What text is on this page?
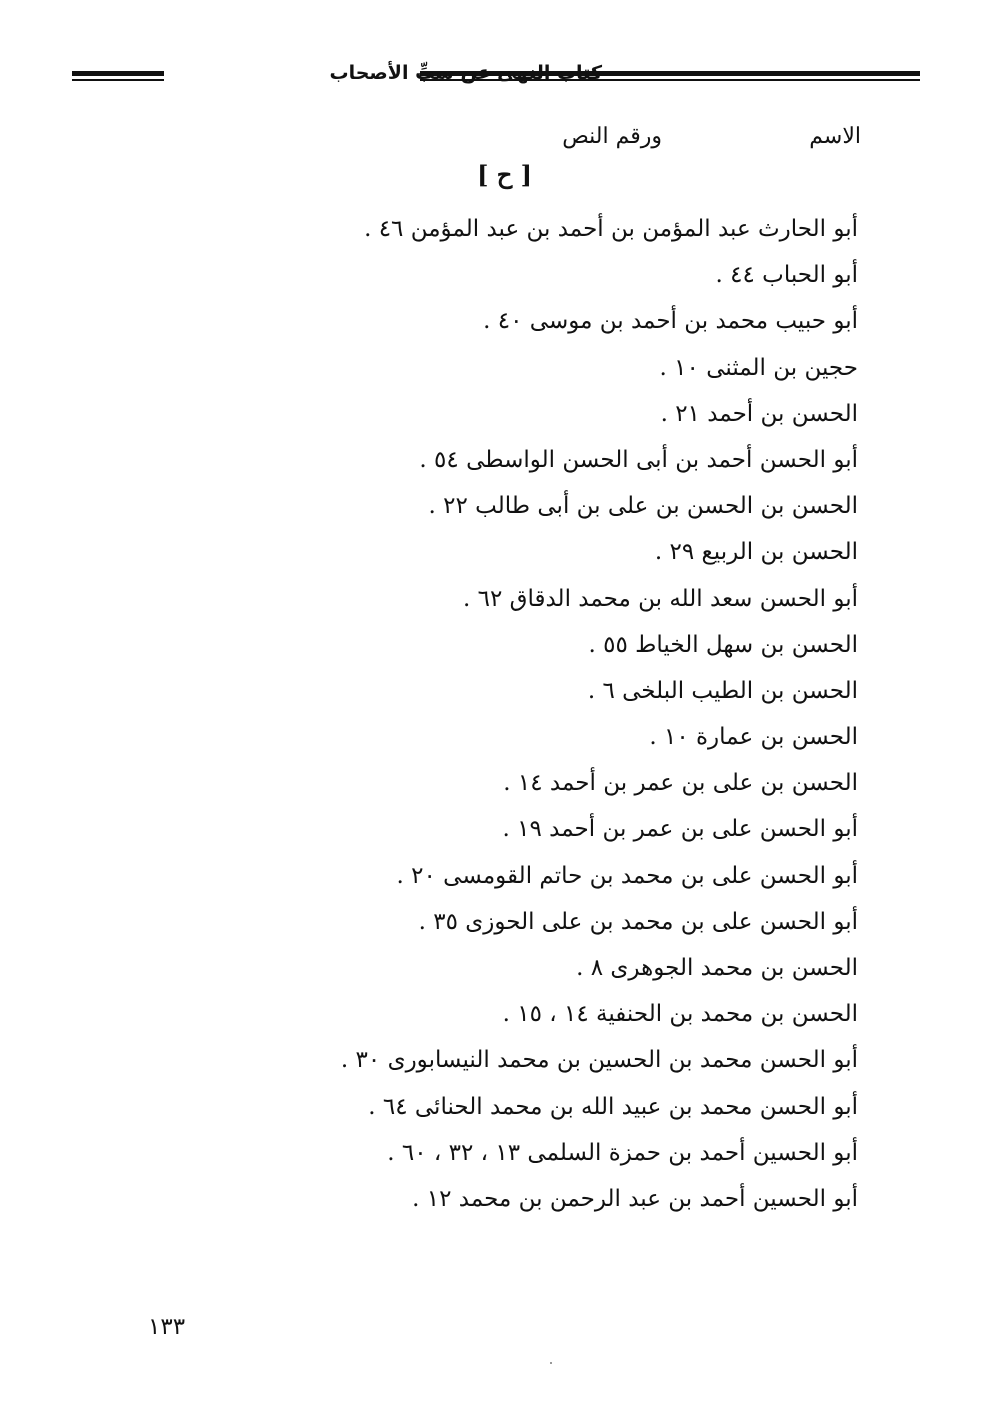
كتاب النهى عن سبِّ الأصحاب
الاسم
ورقم النص
[ ح ]
أبو الحارث عبد المؤمن بن أحمد بن عبد المؤمن ٤٦ .
أبو الحباب ٤٤ .
أبو حبيب محمد بن أحمد بن موسى ٤٠ .
حجين بن المثنى ١٠ .
الحسن بن أحمد ٢١ .
أبو الحسن أحمد بن أبى الحسن الواسطى ٥٤ .
الحسن بن الحسن بن على بن أبى طالب ٢٢ .
الحسن بن الربيع ٢٩ .
أبو الحسن سعد الله بن محمد الدقاق ٦٢ .
الحسن بن سهل الخياط ٥٥ .
الحسن بن الطيب البلخى ٦ .
الحسن بن عمارة ١٠ .
الحسن بن على بن عمر بن أحمد ١٤ .
أبو الحسن على بن عمر بن أحمد ١٩ .
أبو الحسن على بن محمد بن حاتم القومسى ٢٠ .
أبو الحسن على بن محمد بن على الحوزى ٣٥ .
الحسن بن محمد الجوهرى ٨ .
الحسن بن محمد بن الحنفية ١٤ ، ١٥ .
أبو الحسن محمد بن الحسين بن محمد النيسابورى ٣٠ .
أبو الحسن محمد بن عبيد الله بن محمد الحنائى ٦٤ .
أبو الحسين أحمد بن حمزة السلمى ١٣ ، ٣٢ ، ٦٠ .
أبو الحسين أحمد بن عبد الرحمن بن محمد ١٢ .
١٣٣
